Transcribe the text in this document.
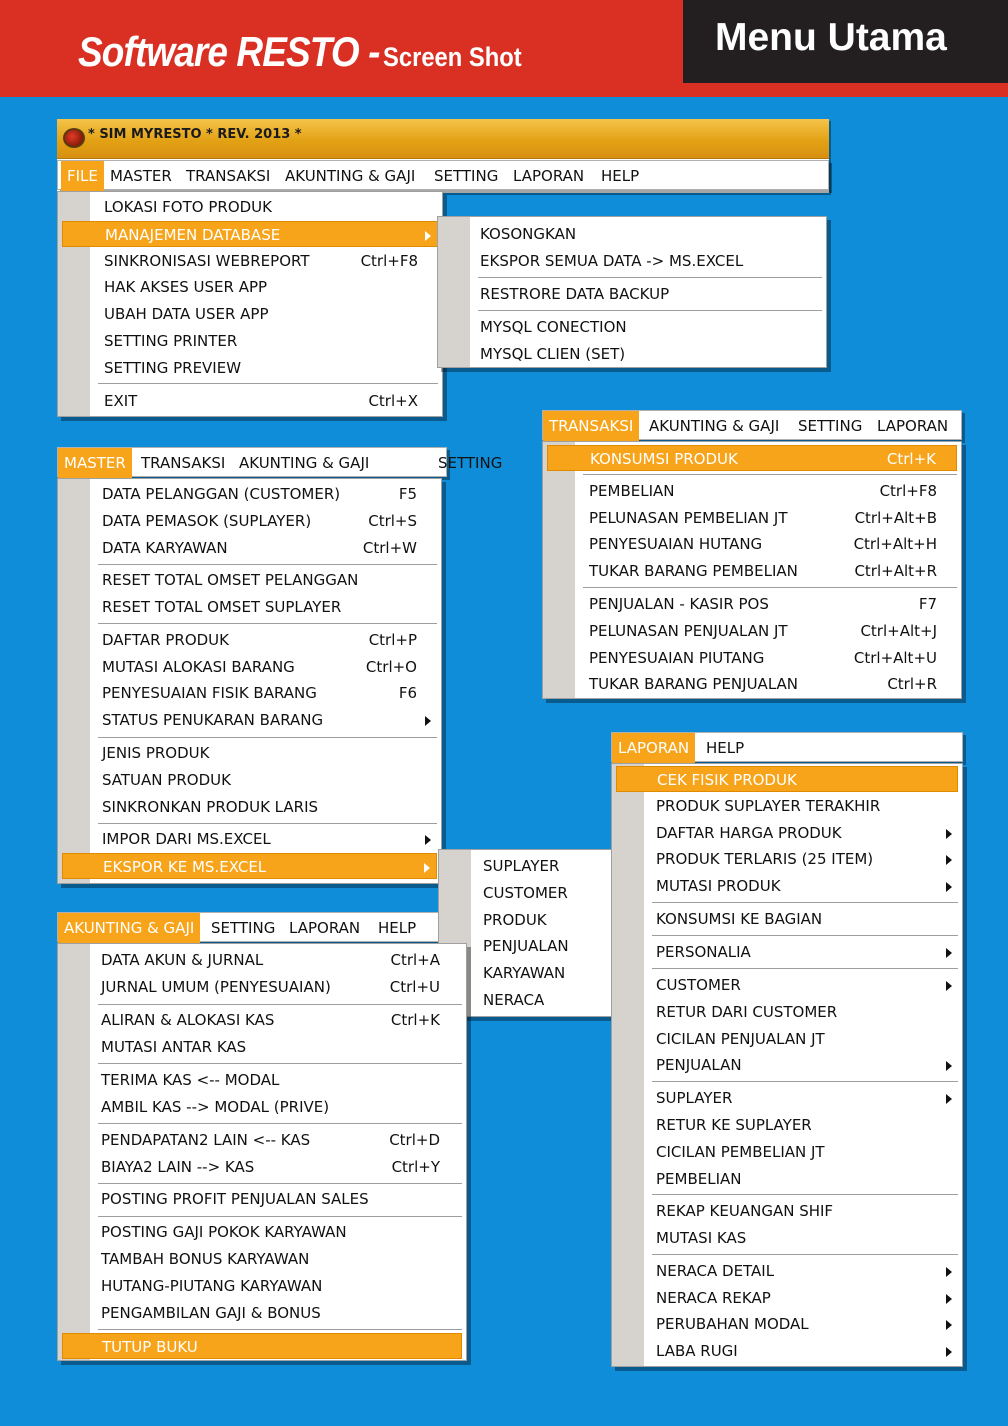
Software RESTO - Screen Shot	Menu Utama
* SIM MYRESTO * REV. 2013 *
FILE MASTER TRANSAKSI AKUNTING & GAJI	SETTING LAPORAN	HELP
MASTER	TRANSAKSI AKUNTING & GAJI	SETTING
AKUNTING & GAJI	SETTING LAPORAN	HELP
TRANSAKSI	AKUNTING & GAJI	SETTING LAPORAN
LAPORAN	HELP
LOKASI FOTO PRODUK
MANAJEMEN DATABASE
SINKRONISASI WEBREPORT	Ctrl+F8
HAK AKSES USER APP
UBAH DATA USER APP
SETTING PRINTER
SETTING PREVIEW
EXIT	Ctrl+X
KOSONGKAN
EKSPOR SEMUA DATA -> MS.EXCEL
RESTRORE DATA BACKUP
MYSQL CONECTION
MYSQL CLIEN (SET)
DATA PELANGGAN (CUSTOMER)	F5
DATA PEMASOK (SUPLAYER)	Ctrl+S
DATA KARYAWAN	Ctrl+W
RESET TOTAL OMSET PELANGGAN
RESET TOTAL OMSET SUPLAYER
DAFTAR PRODUK	Ctrl+P
MUTASI ALOKASI BARANG	Ctrl+O
PENYESUAIAN FISIK BARANG	F6
STATUS PENUKARAN BARANG
JENIS PRODUK
SATUAN PRODUK
SINKRONKAN PRODUK LARIS
IMPOR DARI MS.EXCEL
EKSPOR KE MS.EXCEL	SUPLAYER
CUSTOMER
PRODUK
PENJUALAN
KARYAWAN
NERACA
DATA AKUN & JURNAL	Ctrl+A
JURNAL UMUM (PENYESUAIAN)	Ctrl+U
ALIRAN & ALOKASI KAS	Ctrl+K
MUTASI ANTAR KAS
TERIMA KAS <-- MODAL
AMBIL KAS --> MODAL (PRIVE)
PENDAPATAN2 LAIN <-- KAS	Ctrl+D
BIAYA2 LAIN --> KAS	Ctrl+Y
POSTING PROFIT PENJUALAN SALES
POSTING GAJI POKOK KARYAWAN
TAMBAH BONUS KARYAWAN
HUTANG-PIUTANG KARYAWAN
PENGAMBILAN GAJI & BONUS
TUTUP BUKU
KONSUMSI PRODUK	Ctrl+K
PEMBELIAN	Ctrl+F8
PELUNASAN PEMBELIAN JT	Ctrl+Alt+B
PENYESUAIAN HUTANG	Ctrl+Alt+H
TUKAR BARANG PEMBELIAN	Ctrl+Alt+R
PENJUALAN - KASIR POS	F7
PELUNASAN PENJUALAN JT	Ctrl+Alt+J
PENYESUAIAN PIUTANG	Ctrl+Alt+U
TUKAR BARANG PENJUALAN	Ctrl+R
CEK FISIK PRODUK
PRODUK SUPLAYER TERAKHIR
DAFTAR HARGA PRODUK
PRODUK TERLARIS (25 ITEM)
MUTASI PRODUK
KONSUMSI KE BAGIAN
PERSONALIA
CUSTOMER
RETUR DARI CUSTOMER
CICILAN PENJUALAN JT
PENJUALAN
SUPLAYER
RETUR KE SUPLAYER
CICILAN PEMBELIAN JT
PEMBELIAN
REKAP KEUANGAN SHIF
MUTASI KAS
NERACA DETAIL
NERACA REKAP
PERUBAHAN MODAL
LABA RUGI
